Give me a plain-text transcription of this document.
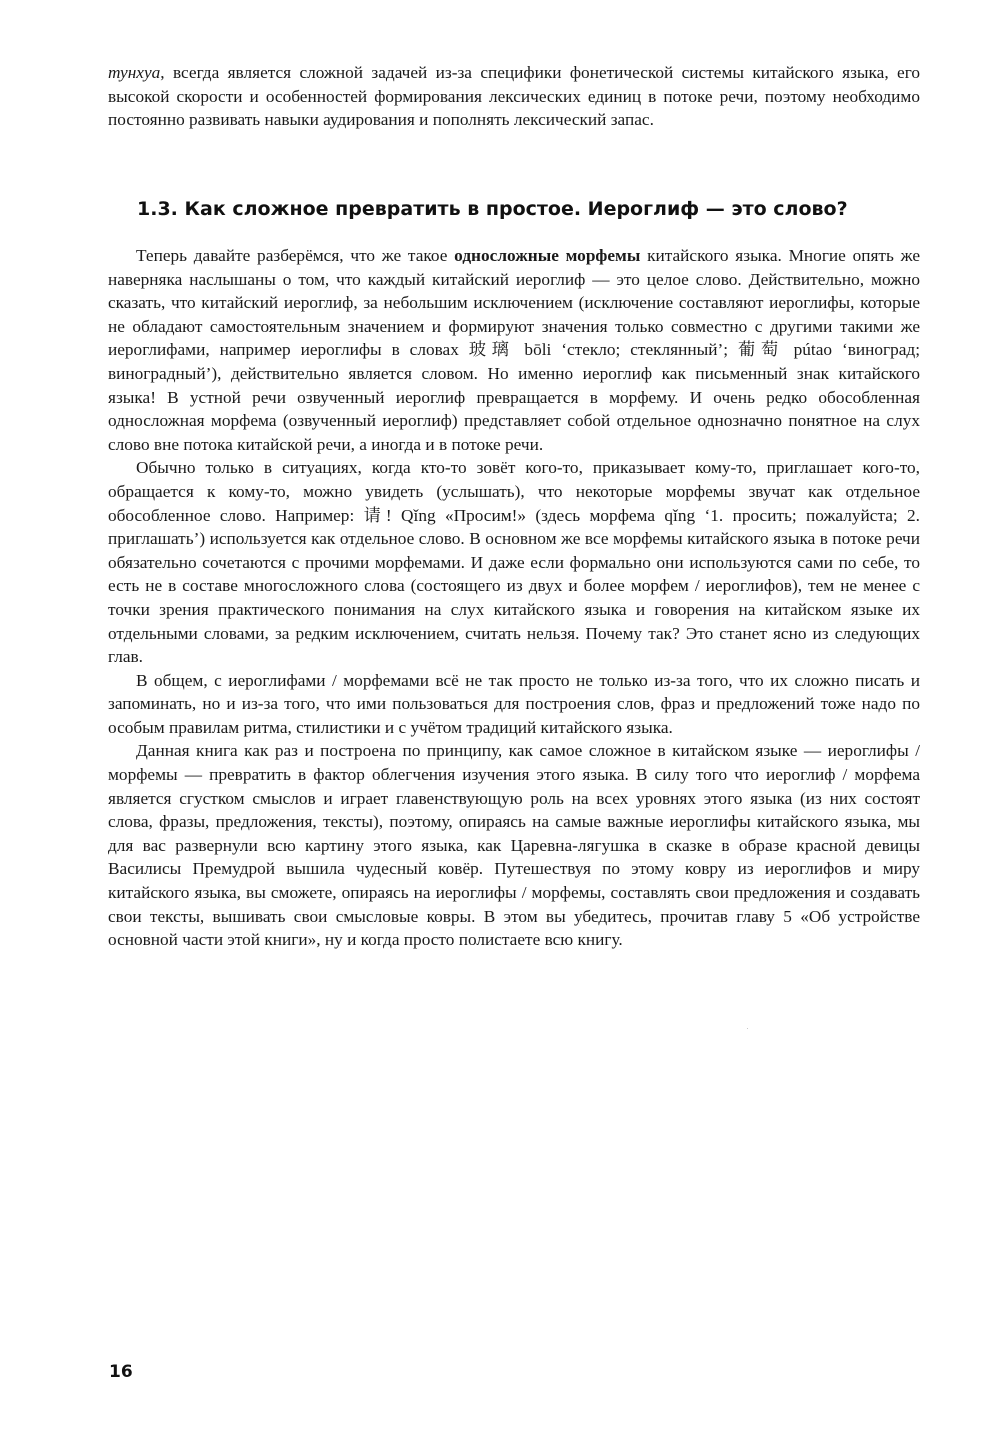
тунхуа, всегда является сложной задачей из-за специфики фонетической системы китайского языка, его высокой скорости и особенностей формирования лексических единиц в потоке речи, поэтому необходимо постоянно развивать навыки аудирования и пополнять лексический запас.

1.3. Как сложное превратить в простое. Иероглиф — это слово?

Теперь давайте разберёмся, что же такое односложные морфемы китайского языка. Многие опять же наверняка наслышаны о том, что каждый китайский иероглиф — это целое слово. Действительно, можно сказать, что китайский иероглиф, за небольшим исключением (исключение составляют иероглифы, которые не обладают самостоятельным значением и формируют значения только совместно с другими такими же иероглифами, например иероглифы в словах 玻璃 bōli ‘стекло; стеклянный’; 葡萄 pútao ‘виноград; виноградный’), действительно является словом. Но именно иероглиф как письменный знак китайского языка! В устной речи озвученный иероглиф превращается в морфему. И очень редко обособленная односложная морфема (озвученный иероглиф) представляет собой отдельное однозначно понятное на слух слово вне потока китайской речи, а иногда и в потоке речи.

Обычно только в ситуациях, когда кто-то зовёт кого-то, приказывает кому-то, приглашает кого-то, обращается к кому-то, можно увидеть (услышать), что некоторые морфемы звучат как отдельное обособленное слово. Например: 请! Qǐng «Просим!» (здесь морфема qǐng ‘1. просить; пожалуйста; 2. приглашать’) используется как отдельное слово. В основном же все морфемы китайского языка в потоке речи обязательно сочетаются с прочими морфемами. И даже если формально они используются сами по себе, то есть не в составе многосложного слова (состоящего из двух и более морфем / иероглифов), тем не менее с точки зрения практического понимания на слух китайского языка и говорения на китайском языке их отдельными словами, за редким исключением, считать нельзя. Почему так? Это станет ясно из следующих глав.

В общем, с иероглифами / морфемами всё не так просто не только из-за того, что их сложно писать и запоминать, но и из-за того, что ими пользоваться для построения слов, фраз и предложений тоже надо по особым правилам ритма, стилистики и с учётом традиций китайского языка.

Данная книга как раз и построена по принципу, как самое сложное в китайском языке — иероглифы / морфемы — превратить в фактор облегчения изучения этого языка. В силу того что иероглиф / морфема является сгустком смыслов и играет главенствующую роль на всех уровнях этого языка (из них состоят слова, фразы, предложения, тексты), поэтому, опираясь на самые важные иероглифы китайского языка, мы для вас развернули всю картину этого языка, как Царевна-лягушка в сказке в образе красной девицы Василисы Премудрой вышила чудесный ковёр. Путешествуя по этому ковру из иероглифов и миру китайского языка, вы сможете, опираясь на иероглифы / морфемы, составлять свои предложения и создавать свои тексты, вышивать свои смысловые ковры. В этом вы убедитесь, прочитав главу 5 «Об устройстве основной части этой книги», ну и когда просто полистаете всю книгу.

16
